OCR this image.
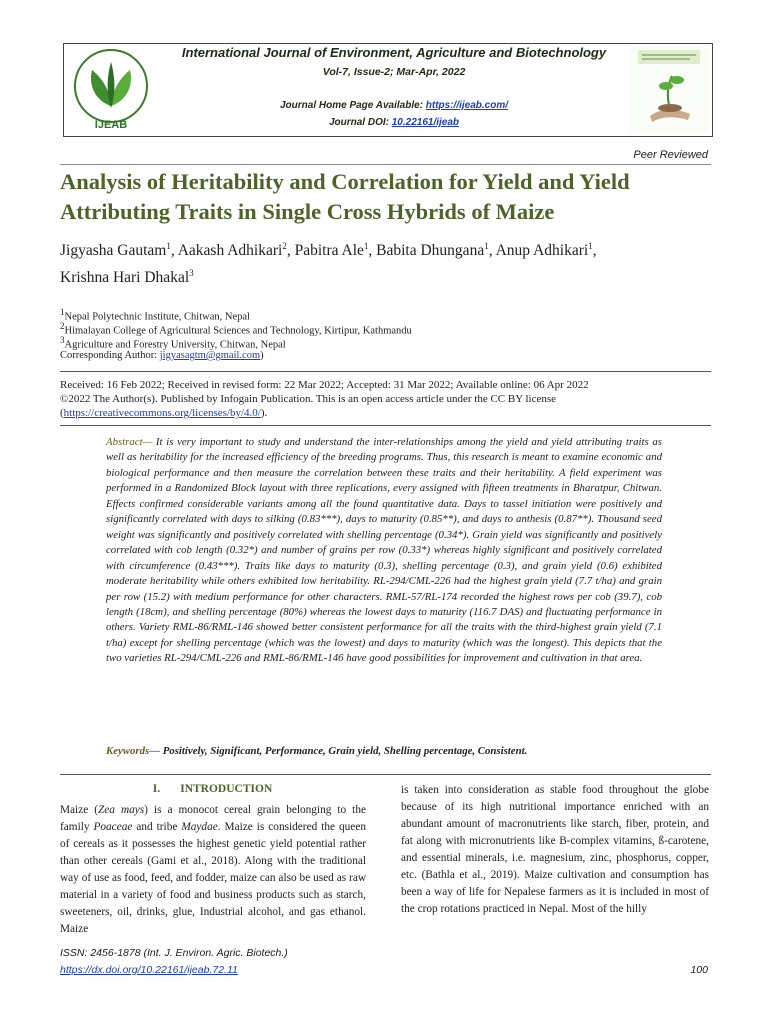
IJEAB
International Journal of Environment, Agriculture and Biotechnology
Vol-7, Issue-2; Mar-Apr, 2022
Journal Home Page Available: https://ijeab.com/
Journal DOI: 10.22161/ijeab
Peer Reviewed
Analysis of Heritability and Correlation for Yield and Yield Attributing Traits in Single Cross Hybrids of Maize
Jigyasha Gautam$^1$, Aakash Adhikari$^2$, Pabitra Ale$^1$, Babita Dhungana$^1$, Anup Adhikari$^1$,
Krishna Hari Dhakal$^3$
$^1$Nepal Polytechnic Institute, Chitwan, Nepal
$^2$Himalayan College of Agricultural Sciences and Technology, Kirtipur, Kathmandu
$^3$Agriculture and Forestry University, Chitwan, Nepal
Corresponding Author: jigyasagtm@gmail.com)
Received: 16 Feb 2022; Received in revised form: 22 Mar 2022; Accepted: 31 Mar 2022; Available online: 06 Apr 2022
©2022 The Author(s). Published by Infogain Publication. This is an open access article under the CC BY license
(https://creativecommons.org/licenses/by/4.0/).
Abstract— It is very important to study and understand the inter-relationships among the yield and yield attributing traits as well as heritability for the increased efficiency of the breeding programs. Thus, this research is meant to examine economic and biological performance and then measure the correlation between these traits and their heritability. A field experiment was performed in a Randomized Block layout with three replications, every assigned with fifteen treatments in Bharatpur, Chitwan. Effects confirmed considerable variants among all the found quantitative data. Days to tassel initiation were positively and significantly correlated with days to silking (0.83***), days to maturity (0.85**), and days to anthesis (0.87**). Thousand seed weight was significantly and positively correlated with shelling percentage (0.34*). Grain yield was significantly and positively correlated with cob length (0.32*) and number of grains per row (0.33*) whereas highly significant and positively correlated with circumference (0.43***). Traits like days to maturity (0.3), shelling percentage (0.3), and grain yield (0.6) exhibited moderate heritability while others exhibited low heritability. RL-294/CML-226 had the highest grain yield (7.7 t/ha) and grain per row (15.2) with medium performance for other characters. RML-57/RL-174 recorded the highest rows per cob (39.7), cob length (18cm), and shelling percentage (80%) whereas the lowest days to maturity (116.7 DAS) and fluctuating performance in others. Variety RML-86/RML-146 showed better consistent performance for all the traits with the third-highest grain yield (7.1 t/ha) except for shelling percentage (which was the lowest) and days to maturity (which was the longest). This depicts that the two varieties RL-294/CML-226 and RML-86/RML-146 have good possibilities for improvement and cultivation in that area.
Keywords— Positively, Significant, Performance, Grain yield, Shelling percentage, Consistent.
I. INTRODUCTION
Maize (Zea mays) is a monocot cereal grain belonging to the family Poaceae and tribe Maydae. Maize is considered the queen of cereals as it possesses the highest genetic yield potential rather than other cereals (Gami et al., 2018). Along with the traditional way of use as food, feed, and fodder, maize can also be used as raw material in a variety of food and business products such as starch, sweeteners, oil, drinks, glue, Industrial alcohol, and gas ethanol. Maize
is taken into consideration as stable food throughout the globe because of its high nutritional importance enriched with an abundant amount of macronutrients like starch, fiber, protein, and fat along with micronutrients like B-complex vitamins, ß-carotene, and essential minerals, i.e. magnesium, zinc, phosphorus, copper, etc. (Bathla et al., 2019). Maize cultivation and consumption has been a way of life for Nepalese farmers as it is included in most of the crop rotations practiced in Nepal. Most of the hilly
ISSN: 2456-1878 (Int. J. Environ. Agric. Biotech.)
https://dx.doi.org/10.22161/ijeab.72.11	100
